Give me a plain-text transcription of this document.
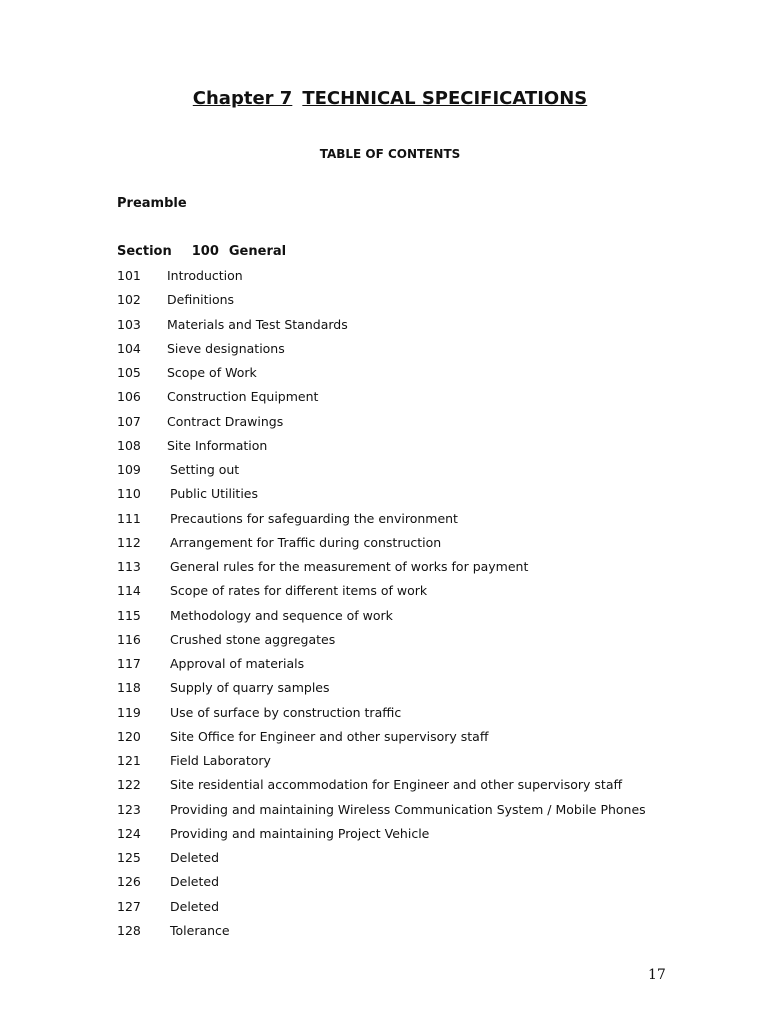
Chapter 7 TECHNICAL SPECIFICATIONS
TABLE OF CONTENTS
Preamble
Section 100 General
101	Introduction
102	Definitions
103	Materials and Test Standards
104	Sieve designations
105	Scope of Work
106	Construction Equipment
107	Contract Drawings
108	Site Information
109	Setting out
110	Public Utilities
111	Precautions for safeguarding the environment
112	Arrangement for Traffic during construction
113	General rules for the measurement of works for payment
114	Scope of rates for different items of work
115	Methodology and sequence of work
116	Crushed stone aggregates
117	Approval of materials
118	Supply of quarry samples
119	Use of surface by construction traffic
120	Site Office for Engineer and other supervisory staff
121	Field Laboratory
122	Site residential accommodation for Engineer and other supervisory staff
123	Providing and maintaining Wireless Communication System / Mobile Phones
124	Providing and maintaining Project Vehicle
125	Deleted
126	Deleted
127	Deleted
128	Tolerance
17
